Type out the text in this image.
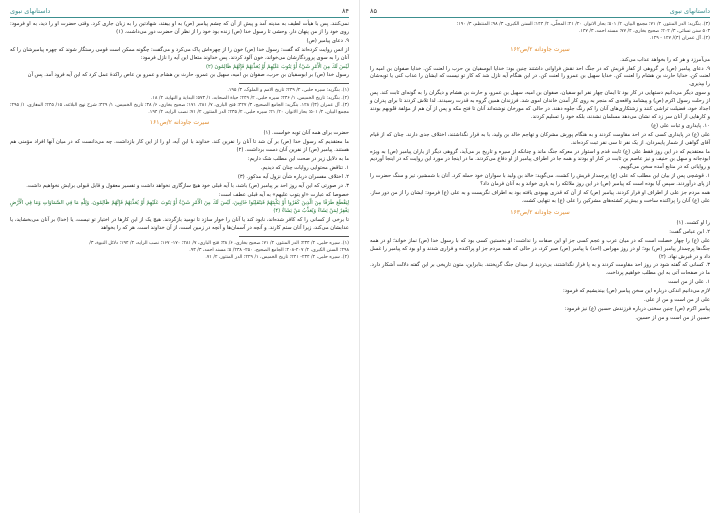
۸۴
داستانهای نبوی

نمی‌کنند. پس با هیأت لطیف به مدینه آمد و پیش از آن که چشم پیامبر (ص) به او بیفتد، شهادتین را به زبان جاری کرد. وقتی حضرت او را دید، به او فرمود: روی خود را از من پنهان دار. وحشی تا رسول خدا (ص) زنده بود خود را از نظر آن حضرت دور می‌داشت. (۱)

۹. دعای پیامبر (ص)

از انس روایت کرده‌اند که گفت: رسول خدا (ص) خون را از چهره‌اش پاک می‌کرد و می‌گفت: چگونه ممکن است قومی رستگار شوند که چهره پیامبرشان را که آنان را به سوی پروردگارشان می‌خواند، خون آلود کردند. پس خداوند متعال این آیه را نازل فرمود:

لَيْسَ لَكَ مِنَ الْأَمْرِ شَيْءٌ أَوْ يَتُوبَ عَلَيْهِمْ أَوْ يُعَذِّبَهُمْ فَإِنَّهُمْ ظَالِمُونَ (۲)

رسول خدا (ص) بر ابوسفیان بن حرب، صفوان بن امیه، سهیل بن عمرو، حارث بن هشام و عمرو بن عاص راکدهٔ عمل کرد که این آیه فرود آمد. پس آن

(۱). بنگرید: سیره حلبی، ۲/ ۲۴۹؛ تاریخ الامم و الملوک، ۳/ ۱۹۵.

(۲). بنگرید: تاریخ الخمیس، ۱/ ۴۳۶؛ سیره حلبی، ۲/ ۲۴۹؛ حیاة الصحابه، ۱/ ۵۷۳؛ البدایة و النهایة، ۴/ ۱۸.

(۳). آل عمران (۳)/ ۱۲۸. بنگرید: الجامع الصحیح، ۳/ ۴۲۷؛ فتح الباری، ۷/ ۲۸۱، ۱۷۱؛ صحیح بخاری، ۶/ ۳۸؛ تاریخ الخمیس، ۱/ ۴۲۹؛ شرح نهج البلاغه، ۱۵/ ۲۴۵؛ المغازی، ۱/ ۲۹۵؛ مجمع البیان، ۲/ ۵۰۱؛ بحار الانوار، ۲۰/ ۲۱؛ سیره حلبی، ۲/ ۲۳۵؛ الدر المنثور، ۲/ ۷۱؛ نصب الرایه، ۲/ ۱۹۴.

سیرت جاودانه ۲/ص۱۶۱

حضرت برای همه آنان توبه خواست. (۱)

ما معتقدیم که رسول خدا (ص) بر آن شد تا آنان را نفرین کند. خداوند با این آیه، او را از این کار بازداشت. چه می‌دانست که در میان آنها افراد مؤمنی هم هستند. پیامبر (ص) از نفرین آنان دست برداشت. (۲)

ما به دلایل زیر در صحت این مطلب شک داریم:

۱. تناقض محتوایی روایات چنان که دیدیم.

۲. اختلاف مفسران درباره شأن نزول آیه مذکور. (۳)

۳. در صورتی که این آیه روز احد بر پیامبر (ص) باشد، با آیه قبلی خود هیچ سازگاری نخواهد داشت و تفسیر معقول و قابل قبولی برایش نخواهیم داشت.

خصوصا که عبارت «او یتوب علیهم» به آیه قبلی عطف است:

لِيَقْطَعَ طَرَفًا مِنَ الَّذِينَ كَفَرُوا أَوْ يَكْبِتَهُمْ فَيَنْقَلِبُوا خَائِبِينَ، لَيْسَ لَكَ مِنَ الْأَمْرِ شَيْءٌ أَوْ يَتُوبَ عَلَيْهِمْ أَوْ يُعَذِّبَهُمْ فَإِنَّهُمْ ظَالِمُونَ، وَلِلَّهِ مَا فِي السَّمَاوَاتِ وَمَا فِي الْأَرْضِ يَغْفِرُ لِمَنْ يَشَاءُ وَيُعَذِّبُ مَنْ يَشَاءُ (۴)

تا برخی از کسانی را که کافر شده‌اند، نابود کند یا آنان را خوار سازد تا نومید بازگردند. هیچ یک از این کارها در اختیار تو نیست، یا (خدا) بر آنان می‌بخشاید، یا عذابشان می‌کند، زیرا آنان ستم کارند. و آنچه در آسمان‌ها و آنچه در زمین است، از آن خداوند است. هر که را بخواهد

(۱). سیره حلبی، ۲/ ۲۳۴؛ الدر المنثور، ۲/ ۷۱؛ صحیح بخاری، ۶/ ۳۸؛ فتح الباری، ۷/ ۲۸۱؛ ۱۷۰- ۱۶۷؛ نصب الرایه، ۲/ ۱۹۴؛ دلائل النبوة، ۳/

۲۹۸؛ السنن الکبری، ۲/ ۲۰۷-۲۰۸؛ الجامع الصحیح، ۲۵۰- ۲۳۸/ ۵؛ مسند احمد، ۳/ ۹۳.

(۲). سیره حلبی، ۲/ ۲۳۴- ۲۴۱؛ تاریخ الخمیس، ۱/ ۴۲۹؛ الدر المنثور، ۲/ ۷۱.

داستانهای نبوی
۸۵

(۳). بنگرید: الدر المنثور، ۲/ ۷۱؛ مجمع البیان، ۲/ ۵۰۱؛ بحار الانوار، ۲۰/ ۲۱؛ المحلّی، ۴/ ۱۴۴؛ السنن الکبری، ۳/ ۹۸؛ المنتظم، ۳/ ۱۹۰؛

۵۰۳ سنن نسائی، ۳/ ۲۰۲؛ صحیح بخاری، ۴/ ۷۷؛ مسند احمد، ۳/ ۱۴۷.

(۴). آل عمران (۳)/ ۱۲۷ - ۱۲۹.

سیرت جاودانه ۲/ص۱۶۲

می‌آمرزد و هر که را بخواهد عذاب می‌کند.

۹. دعای پیامبر (ص) بر گروهی از کفار قریش که در جنگ احد نقش فراوانی داشتند چنین بود: خدایا ابوسفیان بن حرب را لعنت کن. خدایا صفوان بن امیه را لعنت کن. خدایا حارث بن هشام را لعنت کن. خدایا سهیل بن عمرو را لعنت کن. در این هنگام آیه نازل شد که کار تو نیست که ایشان را عذاب کنی یا توبه‌شان را بپذیری.

و سوی دیگر می‌دانیم دستهایی در کار بود تا ایمان چهار نفر ابو سفیان، صفوان بن امیه، سهیل بن عمرو، و حارث بن هشام و دیگران را به گونه‌ای ثابت کند. پس از رحلت رسول اکرم (ص) و پیشامد واقعه‌ی که منجر به روی کار آمدن خاندان اموی شد. فرزندان همین گروه به قدرت رسیدند. لذا تلاش کردند تا برای پدران و اجداد خود، فضیلت تراشی کنند و زشتکاری‌های آنان را کم رنگ جلوه دهند. در حالی که مورخان نوشته‌اند آنان تا فتح مکه و پس از آن هم از مؤلفة قلوبهم بودند و کارهایی از آنان سر زد که نشان می‌دهد مسلمان نشدند، بلکه خود را تسلیم کردند.

۱۰. پایداری و ثبات علی (ع)

علی (ع) در پایداری کسی که در احد مقاومت کردند و به هنگام پورش مشرکان و تهاجم خالد بن ولید، با به فرار نگذاشتند، اختلاف جدی دارند. چنان که از قیام آقای گواهی از شمار پایمردان، از یک نفر تا سی نفر ثبت کرده‌اند.

ما معتقدیم که در این روز فقط علی (ع) ثابت قدم و استوار در معرکه جنگ ماند و چنانکه از سیره و تاریخ بر می‌آید، گروهی دیگر از یاران پیامبر (ص) به ویژه ابودجانه و سهل بن حنیف و نیز عاصم بن ثابت در کنار او بودند و همه جا در اطراف پیامبر از او دفاع می‌کردند. ما در اینجا در مورد این روایت که در اینجا آوردیم و روایاتی که در منابع آمده سخن می‌گوییم.

۱. قوشچی پس از بیان این مطلب که علی (ع) پرچمدار قریش را کشت، می‌گوید: خالد بن ولید با سواران خود حمله کرد. آنان با شمشیر، تیر و سنگ حضرت را از پای درآوردند. سپس آیا بوده است که پیامبر (ص) در این روز ملائکه را به یاری خواند و به آنان فرمان داد؟

همه مردم جز علی از اطراف او فرار کردند. پیامبر (ص) که از آن که قدری بهبودی یافته بود به اطراف نگریست و به علی (ع) فرمود: ایشان را از من دور ساز. علی (ع) آنان را پراکنده ساخت و بیش‌تر کشته‌های مشرکین را علی (ع) به تنهایی کشت.

سیرت جاودانه ۲/ص۱۶۳

را او کشت. (۱)

۲. ابن عباس گفت:

علی (ع) را چهار خصلت است که در میان عرب و عجم کسی جز او این صفات را نداشت: او نخستین کسی بود که با رسول خدا (ص) نماز خواند؛ او در همه جنگ‌ها پرچمدار پیامبر (ص) بود؛ او در روز مهراس (احد) با پیامبر (ص) صبر کرد، در حالی که همه مردم جز او پراکنده و فراری شدند و او بود که پیامبر را غسل داد و در قبرش نهاد. (۲)

۳. کسانی که گفته شود در روز احد مقاومت کردند و به پا فرار نگذاشتند، بی‌تردید از میدان جنگ گریختند. بنابراین، متون تاریخی بر این گفته دلالت آشکار دارد. ما در صفحات آتی به این مطلب خواهیم پرداخت.

۱. علی از من است

لازم می‌دانیم اندکی درباره این سخن پیامبر (ص) بیندیشیم که فرمود:

علی از من است و من از علی.

پیامبر اکرم (ص) چنین سخنی درباره فرزندش حسین (ع) نیز فرمود:

حسین از من است و من از حسین.
